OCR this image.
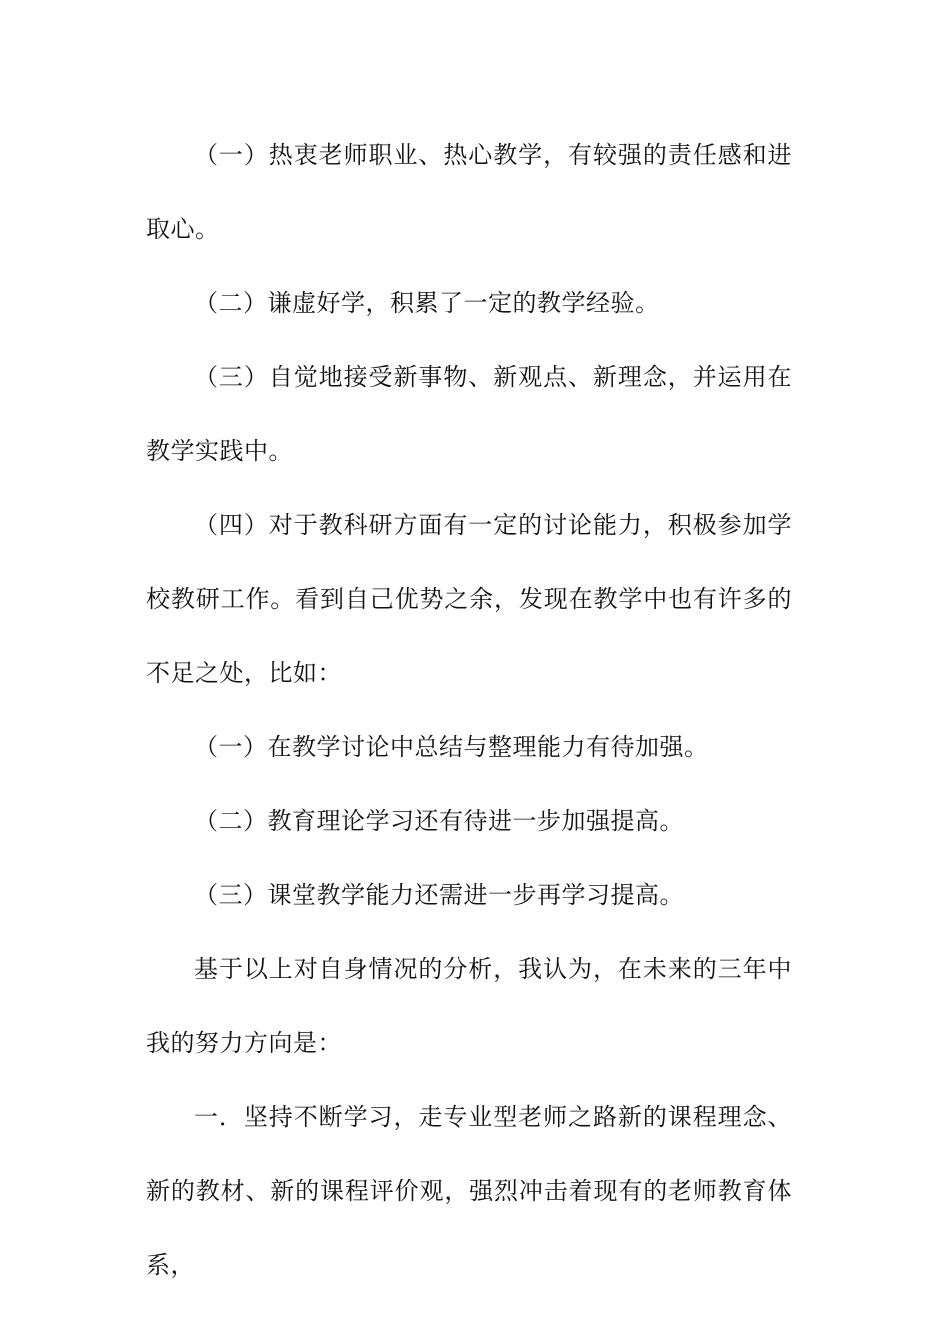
（一）热衷老师职业、热心教学，有较强的责任感和进取心。

（二）谦虚好学，积累了一定的教学经验。

（三）自觉地接受新事物、新观点、新理念，并运用在教学实践中。

（四）对于教科研方面有一定的讨论能力，积极参加学校教研工作。看到自己优势之余，发现在教学中也有许多的不足之处，比如：

（一）在教学讨论中总结与整理能力有待加强。

（二）教育理论学习还有待进一步加强提高。

（三）课堂教学能力还需进一步再学习提高。

基于以上对自身情况的分析，我认为，在未来的三年中我的努力方向是：

一．坚持不断学习，走专业型老师之路新的课程理念、新的教材、新的课程评价观，强烈冲击着现有的老师教育体系，
